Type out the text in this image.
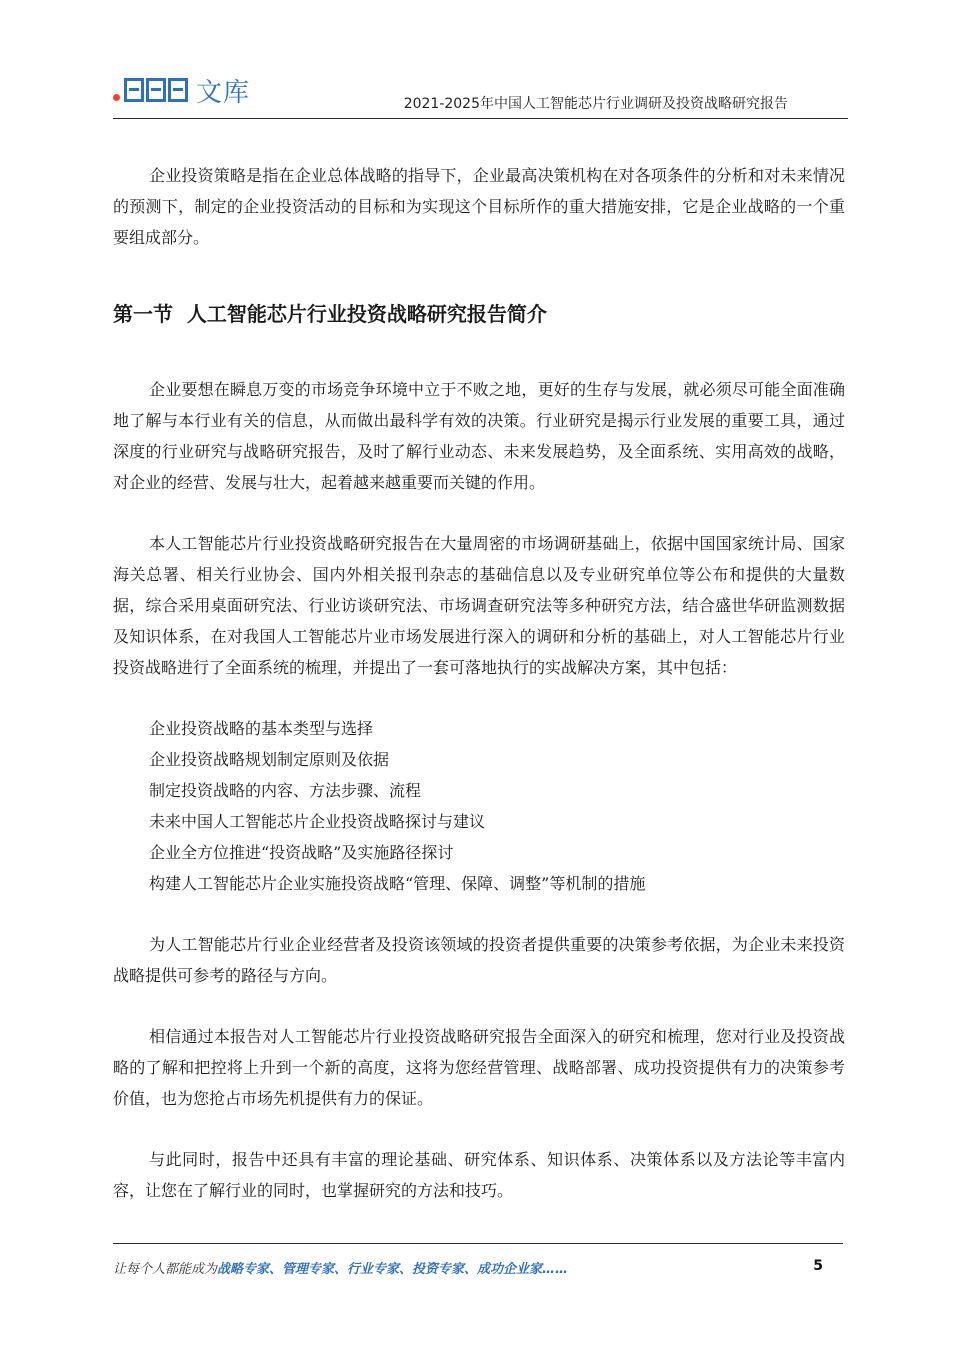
文库	2021-2025年中国人工智能芯片行业调研及投资战略研究报告

企业投资策略是指在企业总体战略的指导下，企业最高决策机构在对各项条件的分析和对未来情况的预测下，制定的企业投资活动的目标和为实现这个目标所作的重大措施安排，它是企业战略的一个重要组成部分。

第一节  人工智能芯片行业投资战略研究报告简介

企业要想在瞬息万变的市场竞争环境中立于不败之地，更好的生存与发展，就必须尽可能全面准确地了解与本行业有关的信息，从而做出最科学有效的决策。行业研究是揭示行业发展的重要工具，通过深度的行业研究与战略研究报告，及时了解行业动态、未来发展趋势，及全面系统、实用高效的战略，对企业的经营、发展与壮大，起着越来越重要而关键的作用。

本人工智能芯片行业投资战略研究报告在大量周密的市场调研基础上，依据中国国家统计局、国家海关总署、相关行业协会、国内外相关报刊杂志的基础信息以及专业研究单位等公布和提供的大量数据，综合采用桌面研究法、行业访谈研究法、市场调查研究法等多种研究方法，结合盛世华研监测数据及知识体系，在对我国人工智能芯片业市场发展进行深入的调研和分析的基础上，对人工智能芯片行业投资战略进行了全面系统的梳理，并提出了一套可落地执行的实战解决方案，其中包括：

企业投资战略的基本类型与选择
企业投资战略规划制定原则及依据
制定投资战略的内容、方法步骤、流程
未来中国人工智能芯片企业投资战略探讨与建议
企业全方位推进“投资战略”及实施路径探讨
构建人工智能芯片企业实施投资战略“管理、保障、调整”等机制的措施

为人工智能芯片行业企业经营者及投资该领域的投资者提供重要的决策参考依据，为企业未来投资战略提供可参考的路径与方向。

相信通过本报告对人工智能芯片行业投资战略研究报告全面深入的研究和梳理，您对行业及投资战略的了解和把控将上升到一个新的高度，这将为您经营管理、战略部署、成功投资提供有力的决策参考价值，也为您抢占市场先机提供有力的保证。

与此同时，报告中还具有丰富的理论基础、研究体系、知识体系、决策体系以及方法论等丰富内容，让您在了解行业的同时，也掌握研究的方法和技巧。

让每个人都能成为战略专家、管理专家、行业专家、投资专家、成功企业家……	5
